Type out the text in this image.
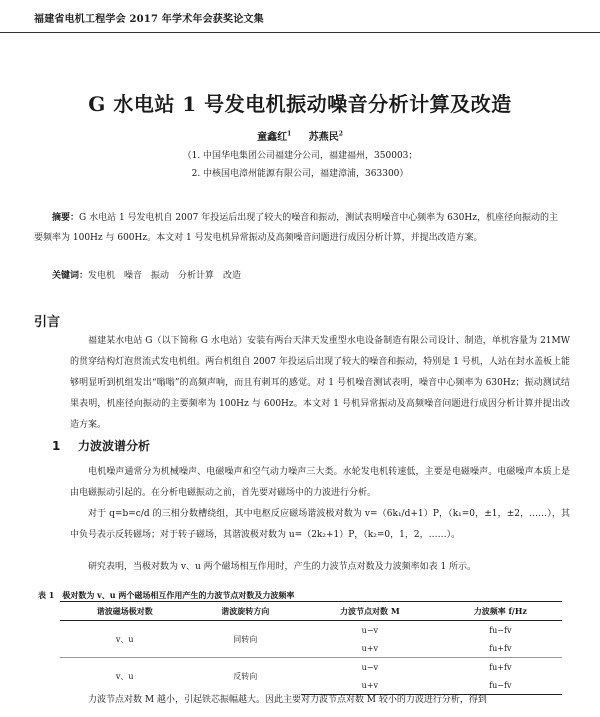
福建省电机工程学会 2017 年学术年会获奖论文集
G 水电站 1 号发电机振动噪音分析计算及改造
童鑫红$^1$ 苏燕民$^2$
（1. 中国华电集团公司福建分公司，福建福州，350003；
2. 中核国电漳州能源有限公司，福建漳浦，363300）
摘要：G 水电站 1 号发电机自 2007 年投运后出现了较大的噪音和振动，测试表明噪音中心频率为 630Hz，机座径向振动的主要频率为 100Hz 与 600Hz。本文对 1 号发电机异常振动及高频噪音问题进行成因分析计算，并提出改造方案。
关键词：发电机　噪音　振动　分析计算　改造
引言
福建某水电站 G（以下简称 G 水电站）安装有两台天津天发重型水电设备制造有限公司设计、制造，单机容量为 21MW 的贯穿结构灯泡贯流式发电机组。两台机组自 2007 年投运后出现了较大的噪音和振动，特别是 1 号机，人站在封水盖板上能够明显听到机组发出“嗡嗡”的高频声响，而且有刺耳的感觉。对 1 号机噪音测试表明，噪音中心频率为 630Hz；振动测试结果表明，机座径向振动的主要频率为 100Hz 与 600Hz。本文对 1 号机异常振动及高频噪音问题进行成因分析计算并提出改造方案。
1 力波波谱分析
电机噪声通常分为机械噪声、电磁噪声和空气动力噪声三大类。水轮发电机转速低，主要是电磁噪声。电磁噪声本质上是由电磁振动引起的。在分析电磁振动之前，首先要对磁场中的力波进行分析。
对于 q=b=c/d 的三相分数槽绕组，其中电枢反应磁场谐波极对数为 v=（6k₁/d+1）P，（k₁=0，±1，±2，……），其中负号表示反转磁场；对于转子磁场，其谐波极对数为 u=（2k₂+1）P，（k₂=0，1，2，……）。
研究表明，当极对数为 v、u 两个磁场相互作用时，产生的力波节点对数及力波频率如表 1 所示。
表 1　极对数为 v、u 两个磁场相互作用产生的力波节点对数及力波频率
谐波磁场极对数	谐波旋转方向	力波节点对数 M	力波频率 f/Hz
v、u	同转向	u−v	fu−fv
		u+v	fu+fv
v、u	反转向	u−v	fu+fv
		u+v	fu−fv
力波节点对数 M 越小，引起铁芯振幅越大。因此主要对力波节点对数 M 较小的力波进行分析，得到
